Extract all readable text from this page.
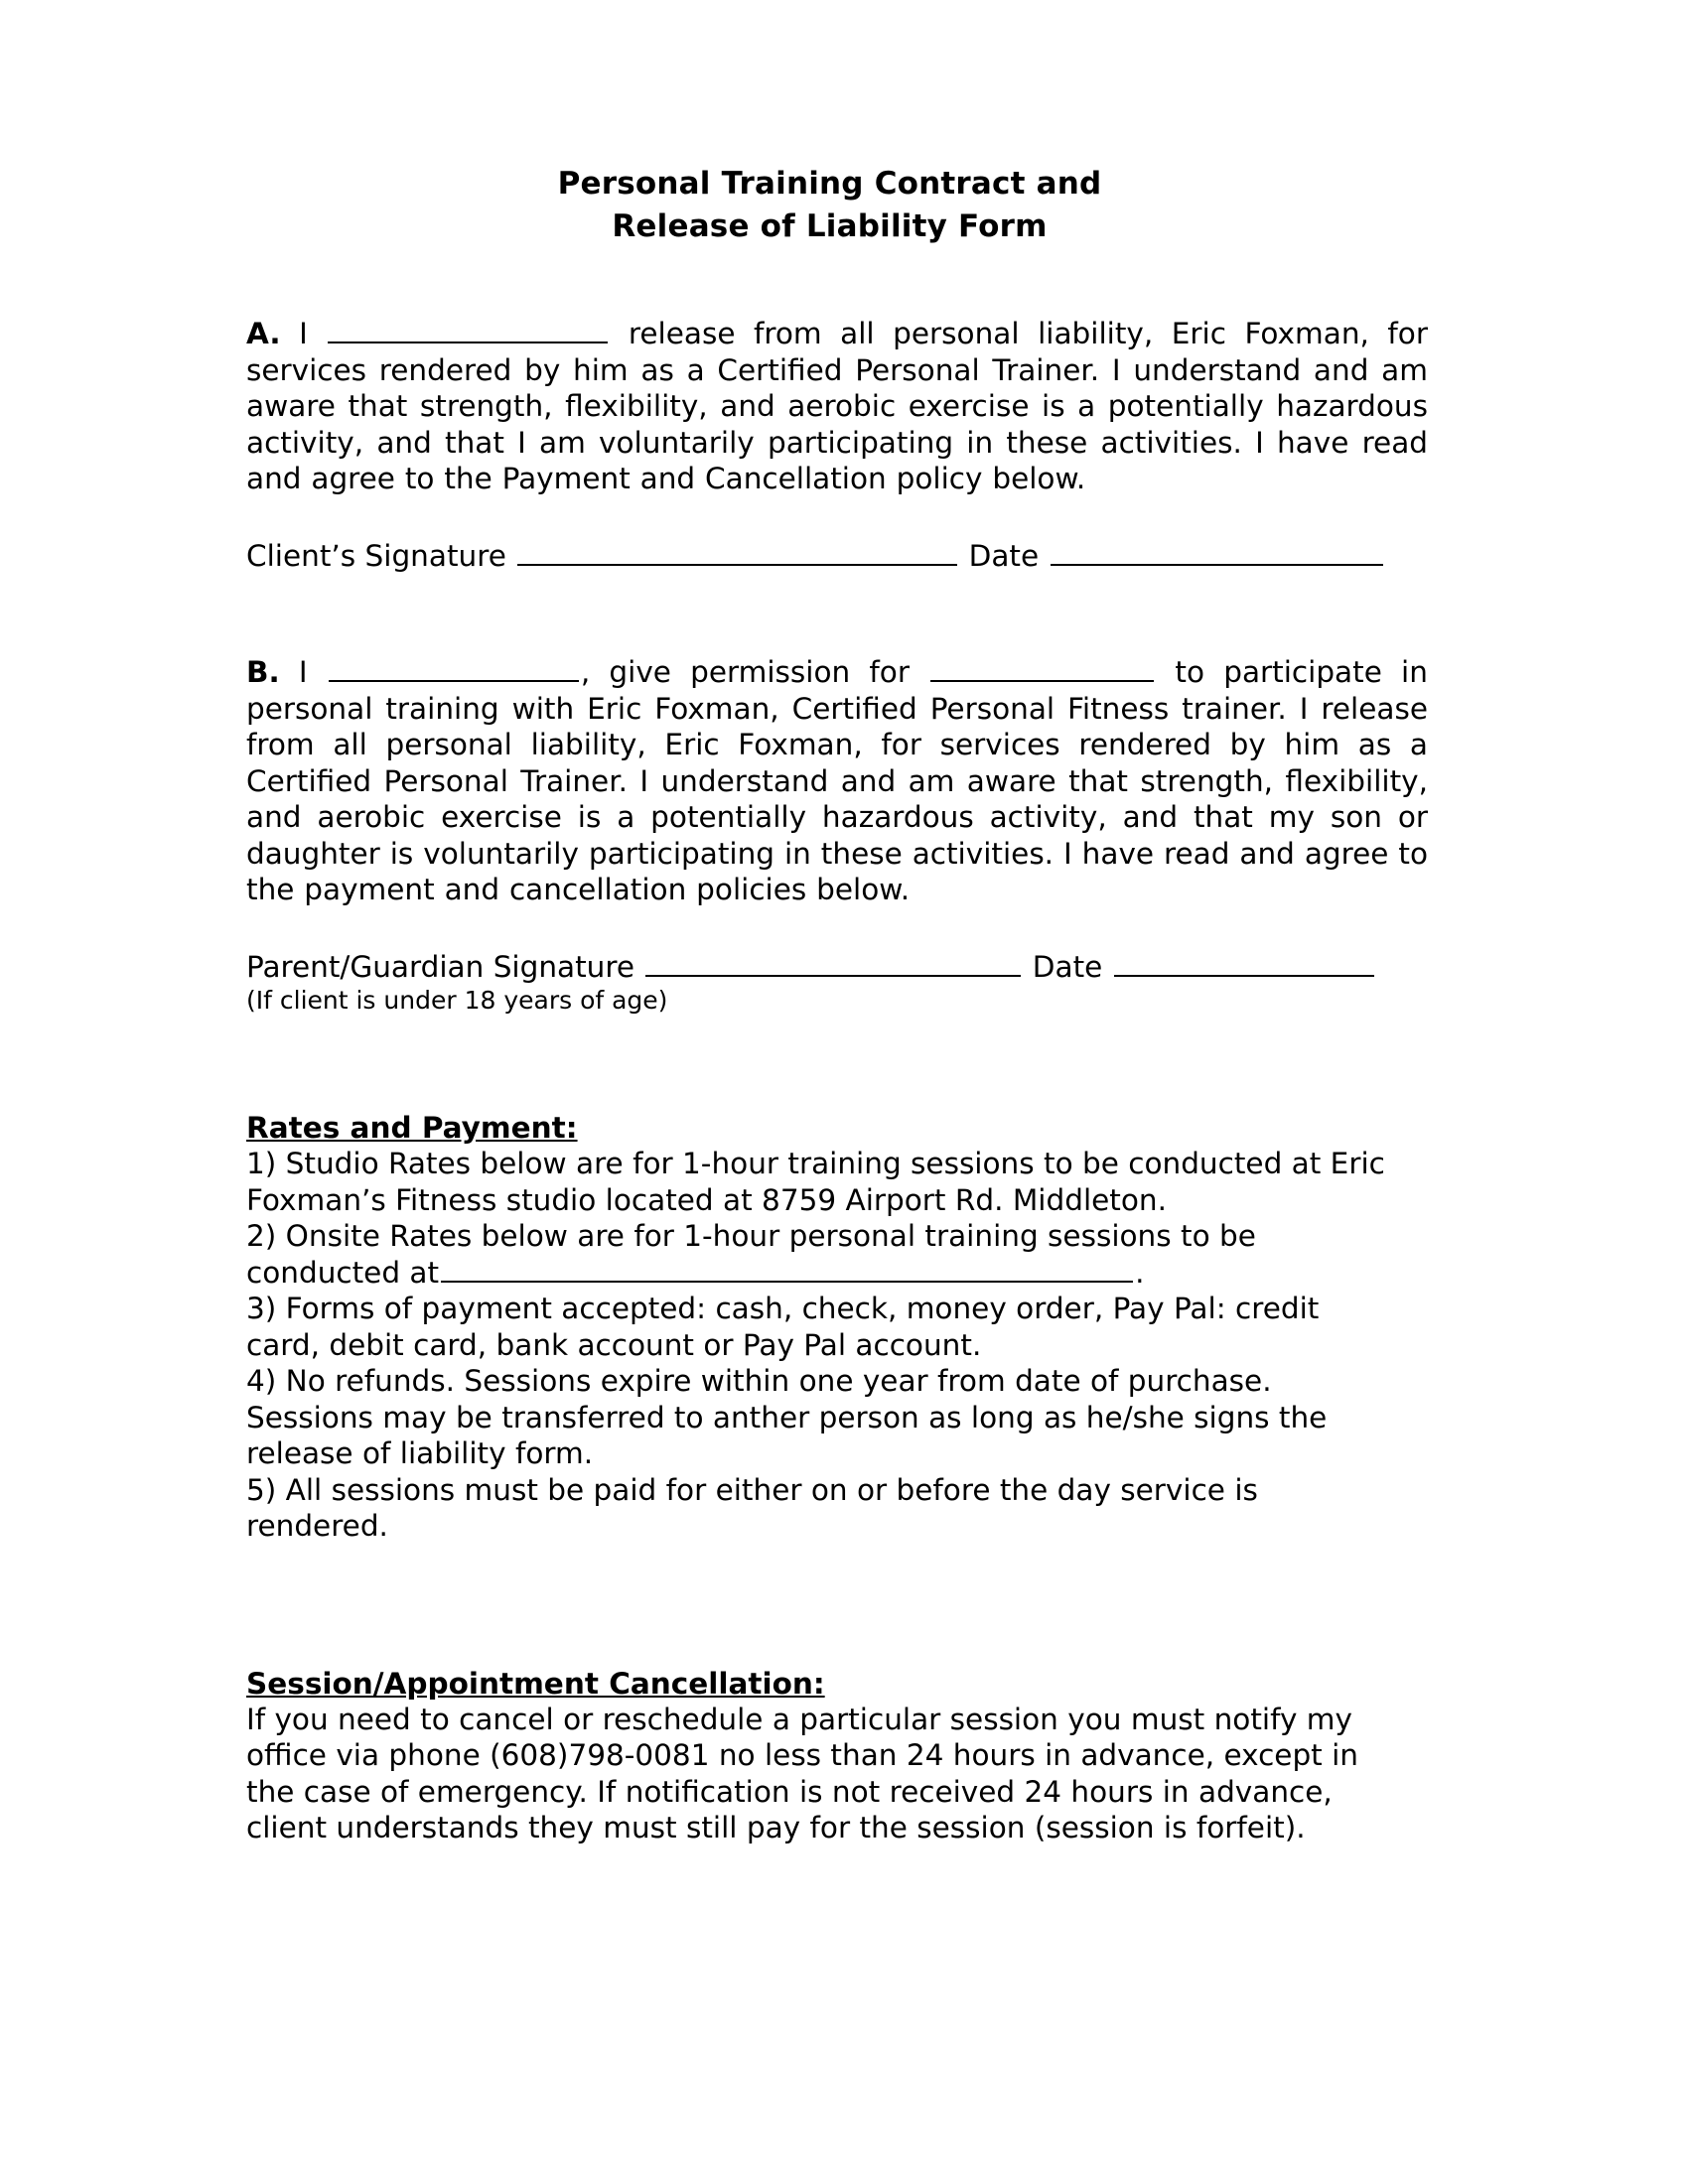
Personal Training Contract and
Release of Liability Form

A. I	release from all personal liability, Eric Foxman, for services rendered by him as a Certified Personal Trainer. I understand and am aware that strength, flexibility, and aerobic exercise is a potentially hazardous activity, and that I am voluntarily participating in these activities. I have read and agree to the Payment and Cancellation policy below.

Client’s Signature	Date

B. I	, give permission for	to participate in personal training with Eric Foxman, Certified Personal Fitness trainer. I release from all personal liability, Eric Foxman, for services rendered by him as a Certified Personal Trainer. I understand and am aware that strength, flexibility, and aerobic exercise is a potentially hazardous activity, and that my son or daughter is voluntarily participating in these activities. I have read and agree to the payment and cancellation policies below.

Parent/Guardian Signature	Date

(If client is under 18 years of age)

Rates and Payment:

1) Studio Rates below are for 1-hour training sessions to be conducted at Eric

Foxman’s Fitness studio located at 8759 Airport Rd. Middleton.

2) Onsite Rates below are for 1-hour personal training sessions to be

conducted at	.

3) Forms of payment accepted: cash, check, money order, Pay Pal: credit

card, debit card, bank account or Pay Pal account.

4) No refunds. Sessions expire within one year from date of purchase.

Sessions may be transferred to anther person as long as he/she signs the

release of liability form.

5) All sessions must be paid for either on or before the day service is

rendered.

Session/Appointment Cancellation:

If you need to cancel or reschedule a particular session you must notify my

office via phone (608)798-0081 no less than 24 hours in advance, except in

the case of emergency. If notification is not received 24 hours in advance,

client understands they must still pay for the session (session is forfeit).
